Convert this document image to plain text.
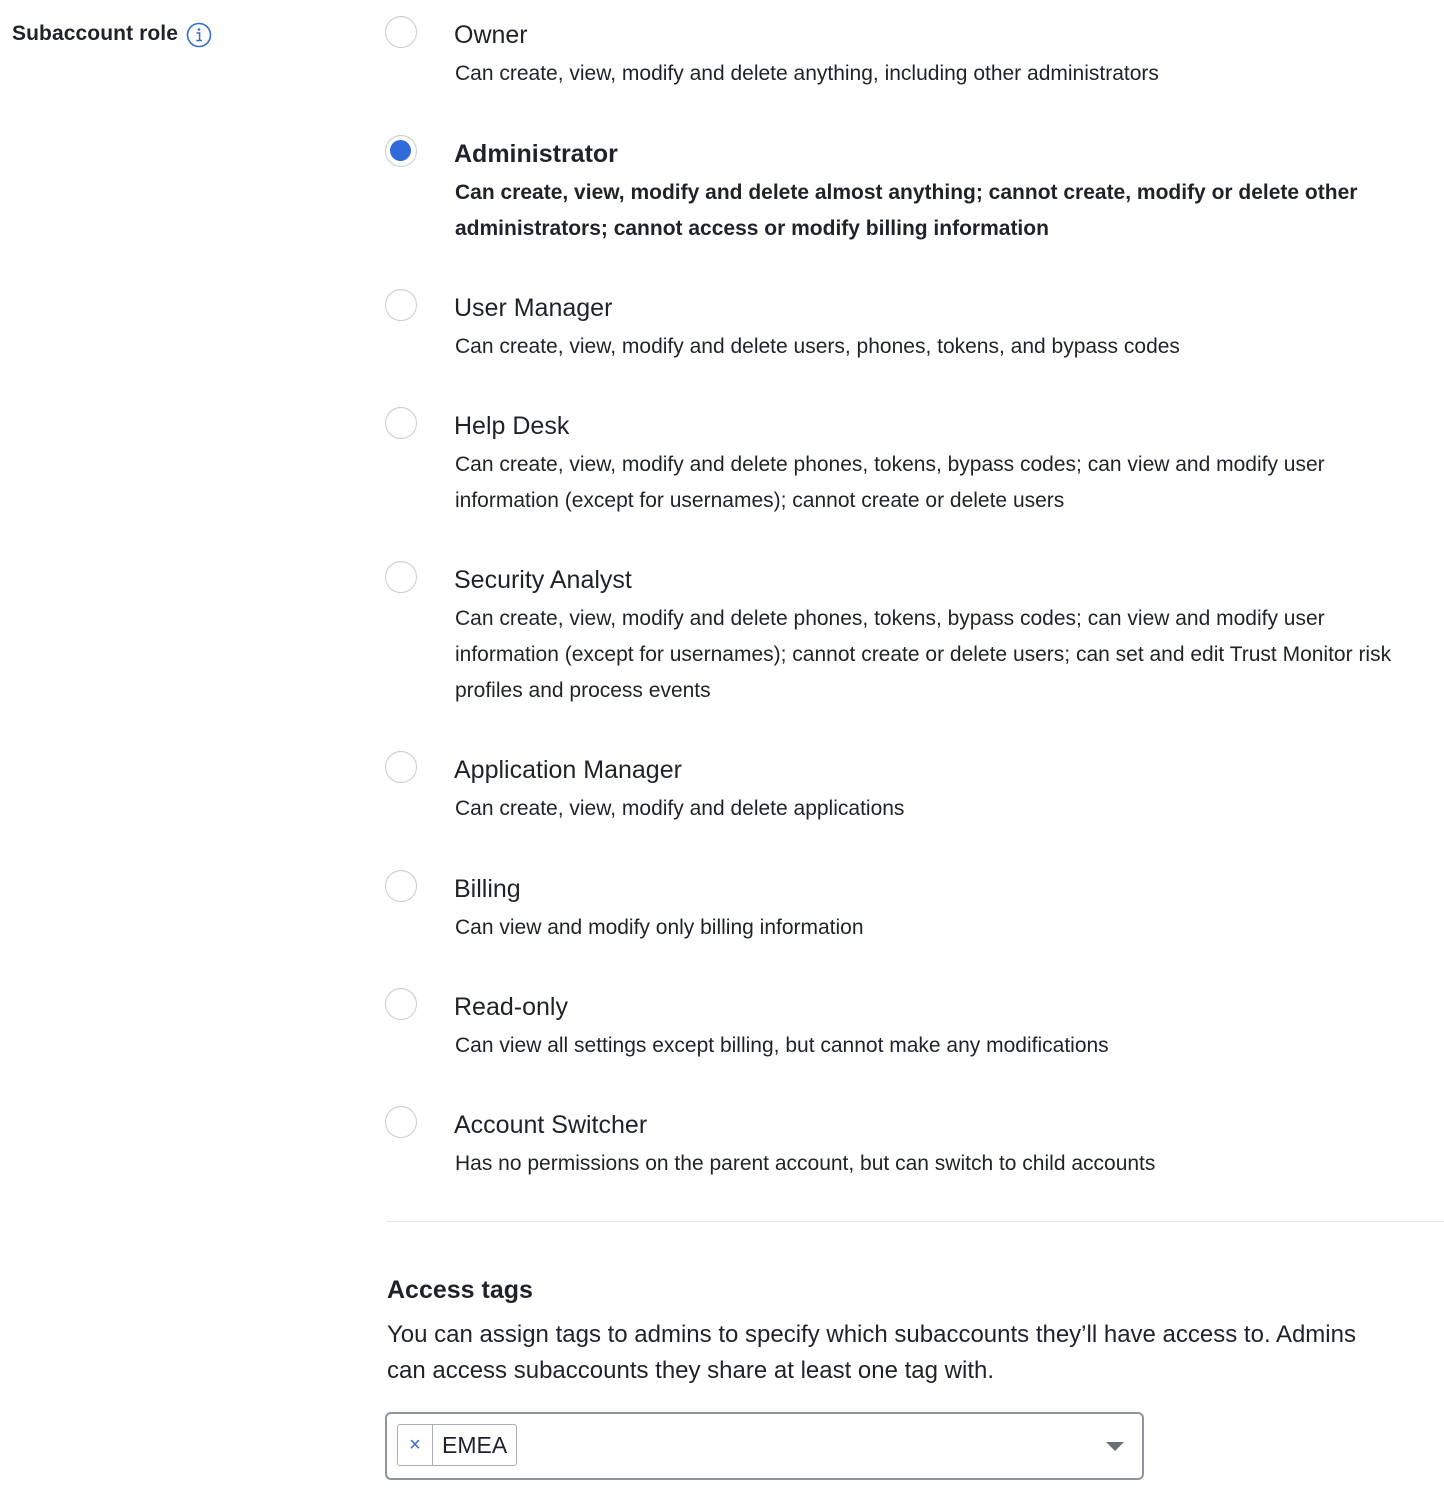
Subaccount role	Owner
Can create, view, modify and delete anything, including other administrators
Administrator
Can create, view, modify and delete almost anything; cannot create, modify or delete other administrators; cannot access or modify billing information
User Manager
Can create, view, modify and delete users, phones, tokens, and bypass codes
Help Desk
Can create, view, modify and delete phones, tokens, bypass codes; can view and modify user information (except for usernames); cannot create or delete users
Security Analyst
Can create, view, modify and delete phones, tokens, bypass codes; can view and modify user information (except for usernames); cannot create or delete users; can set and edit Trust Monitor risk profiles and process events
Application Manager
Can create, view, modify and delete applications
Billing
Can view and modify only billing information
Read-only
Can view all settings except billing, but cannot make any modifications
Account Switcher
Has no permissions on the parent account, but can switch to child accounts
Access tags
You can assign tags to admins to specify which subaccounts they’ll have access to. Admins can access subaccounts they share at least one tag with.
× EMEA
